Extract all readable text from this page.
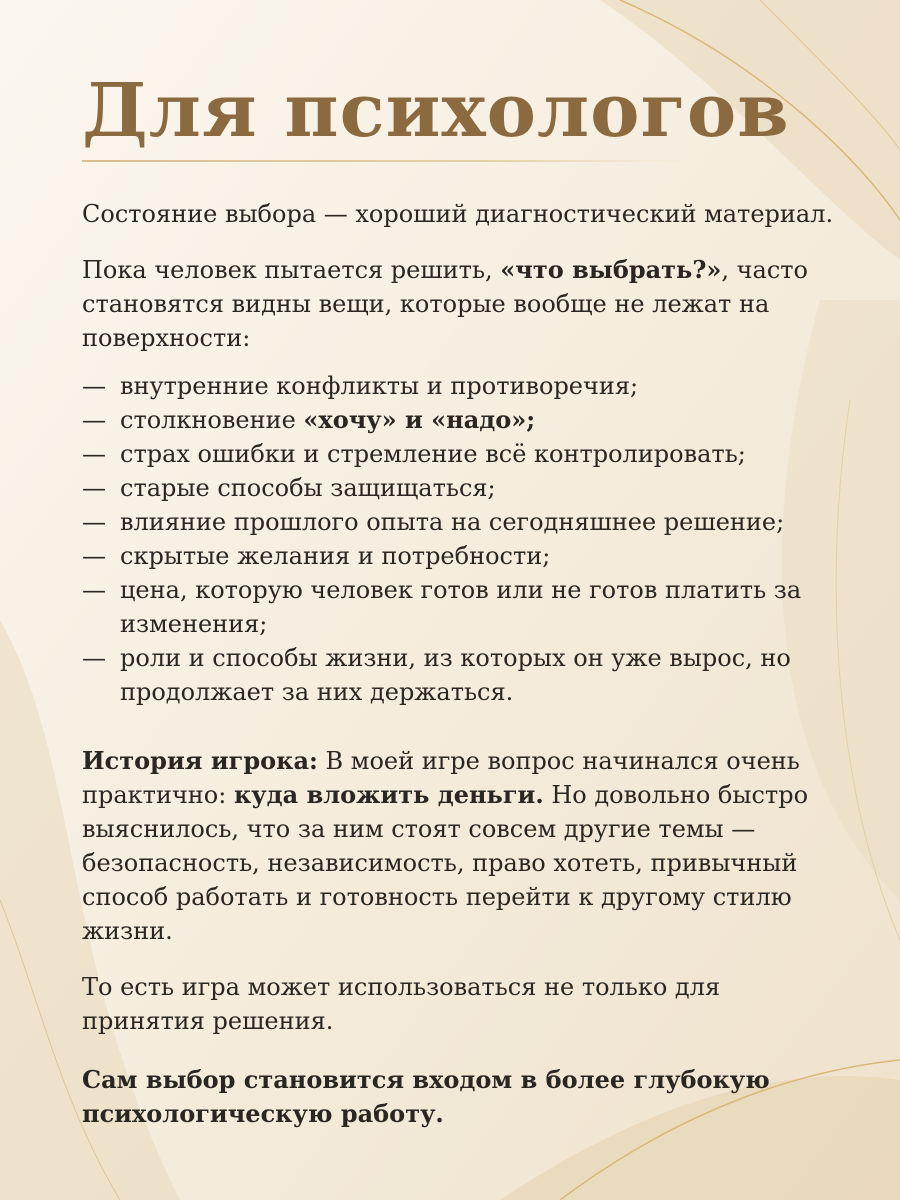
Для психологов

Состояние выбора — хороший диагностический материал.

Пока человек пытается решить, «что выбрать?», часто становятся видны вещи, которые вообще не лежат на поверхности:

— внутренние конфликты и противоречия;
— столкновение «хочу» и «надо»;
— страх ошибки и стремление всё контролировать;
— старые способы защищаться;
— влияние прошлого опыта на сегодняшнее решение;
— скрытые желания и потребности;
— цена, которую человек готов или не готов платить за изменения;
— роли и способы жизни, из которых он уже вырос, но продолжает за них держаться.

История игрока: В моей игре вопрос начинался очень практично: куда вложить деньги. Но довольно быстро выяснилось, что за ним стоят совсем другие темы — безопасность, независимость, право хотеть, привычный способ работать и готовность перейти к другому стилю жизни.

То есть игра может использоваться не только для принятия решения.

Сам выбор становится входом в более глубокую психологическую работу.
